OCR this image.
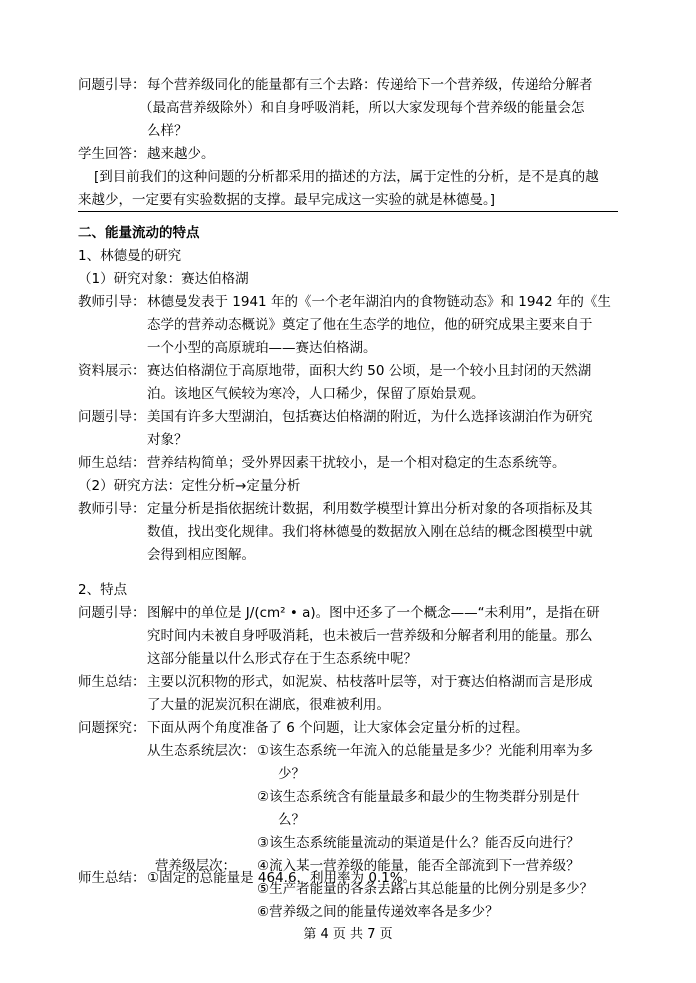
问题引导： 每个营养级同化的能量都有三个去路：传递给下一个营养级，传递给分解者
（最高营养级除外）和自身呼吸消耗，所以大家发现每个营养级的能量会怎
么样？
学生回答： 越来越少。
[到目前我们的这种问题的分析都采用的描述的方法，属于定性的分析，是不是真的越
来越少，一定要有实验数据的支撑。最早完成这一实验的就是林德曼。]
二、能量流动的特点
1、林德曼的研究
（1）研究对象：赛达伯格湖
教师引导： 林德曼发表于 1941 年的《一个老年湖泊内的食物链动态》和 1942 年的《生
态学的营养动态概说》奠定了他在生态学的地位，他的研究成果主要来自于
一个小型的高原琥珀——赛达伯格湖。
资料展示： 赛达伯格湖位于高原地带，面积大约 50 公顷，是一个较小且封闭的天然湖
泊。该地区气候较为寒冷，人口稀少，保留了原始景观。
问题引导： 美国有许多大型湖泊，包括赛达伯格湖的附近，为什么选择该湖泊作为研究
对象？
师生总结： 营养结构简单；受外界因素干扰较小，是一个相对稳定的生态系统等。
（2）研究方法：定性分析→定量分析
教师引导： 定量分析是指依据统计数据，利用数学模型计算出分析对象的各项指标及其
数值，找出变化规律。我们将林德曼的数据放入刚在总结的概念图模型中就
会得到相应图解。
2、特点
问题引导： 图解中的单位是 J/(cm² • a)。图中还多了一个概念——“未利用”，是指在研
究时间内未被自身呼吸消耗，也未被后一营养级和分解者利用的能量。那么
这部分能量以什么形式存在于生态系统中呢？
师生总结： 主要以沉积物的形式，如泥炭、枯枝落叶层等，对于赛达伯格湖而言是形成
了大量的泥炭沉积在湖底，很难被利用。
问题探究： 下面从两个角度准备了 6 个问题，让大家体会定量分析的过程。
从生态系统层次： ①该生态系统一年流入的总能量是多少？光能利用率为多
少？
②该生态系统含有能量最多和最少的生物类群分别是什
么？
③该生态系统能量流动的渠道是什么？能否反向进行？
营养级层次： ④流入某一营养级的能量，能否全部流到下一营养级？
⑤生产者能量的各条去路占其总能量的比例分别是多少？
⑥营养级之间的能量传递效率各是多少？
师生总结： ①固定的总能量是 464.6，利用率为 0.1%。
第 4 页 共 7 页
